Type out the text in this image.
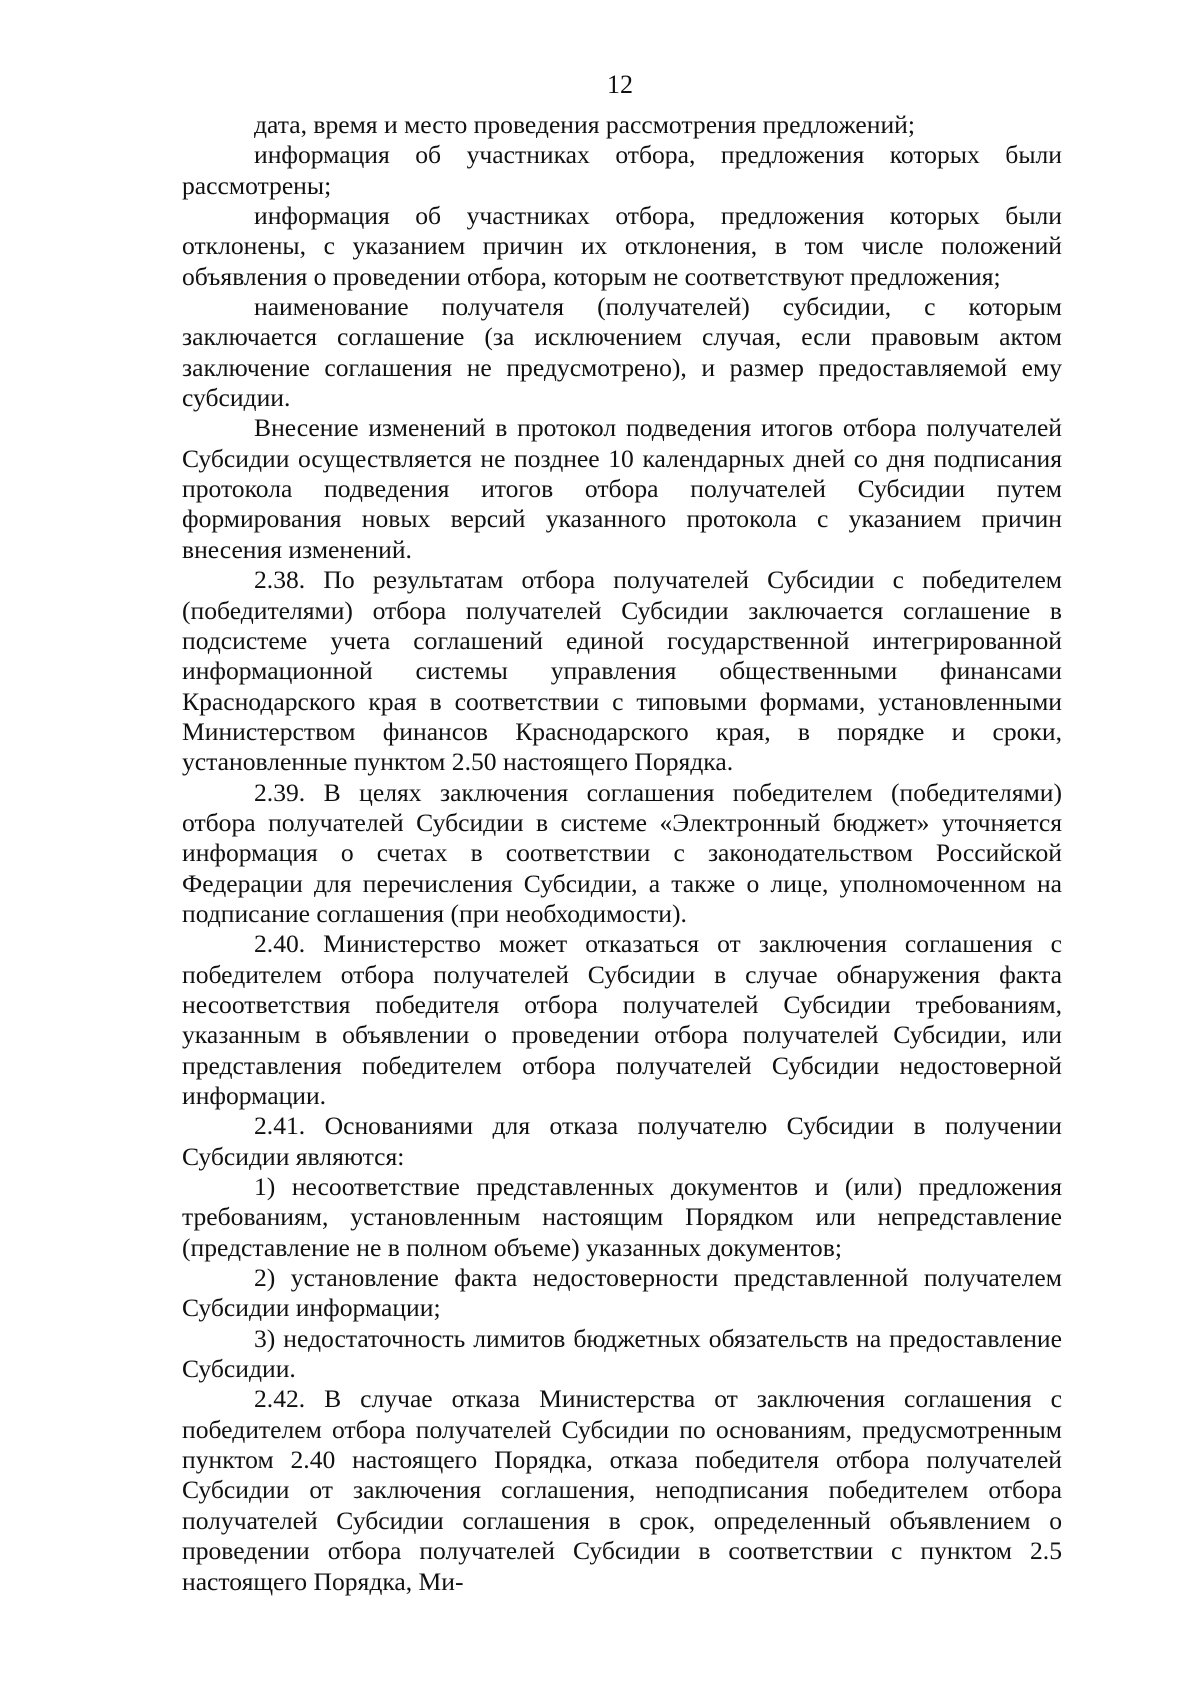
12

дата, время и место проведения рассмотрения предложений;

информация об участниках отбора, предложения которых были рассмотрены;

информация об участниках отбора, предложения которых были отклонены, с указанием причин их отклонения, в том числе положений объявления о проведении отбора, которым не соответствуют предложения;

наименование получателя (получателей) субсидии, с которым заключается соглашение (за исключением случая, если правовым актом заключение соглашения не предусмотрено), и размер предоставляемой ему субсидии.

Внесение изменений в протокол подведения итогов отбора получателей Субсидии осуществляется не позднее 10 календарных дней со дня подписания протокола подведения итогов отбора получателей Субсидии путем формирования новых версий указанного протокола с указанием причин внесения изменений.

2.38. По результатам отбора получателей Субсидии с победителем (победителями) отбора получателей Субсидии заключается соглашение в подсистеме учета соглашений единой государственной интегрированной информационной системы управления общественными финансами Краснодарского края в соответствии с типовыми формами, установленными Министерством финансов Краснодарского края, в порядке и сроки, установленные пунктом 2.50 настоящего Порядка.

2.39. В целях заключения соглашения победителем (победителями) отбора получателей Субсидии в системе «Электронный бюджет» уточняется информация о счетах в соответствии с законодательством Российской Федерации для перечисления Субсидии, а также о лице, уполномоченном на подписание соглашения (при необходимости).

2.40. Министерство может отказаться от заключения соглашения с победителем отбора получателей Субсидии в случае обнаружения факта несоответствия победителя отбора получателей Субсидии требованиям, указанным в объявлении о проведении отбора получателей Субсидии, или представления победителем отбора получателей Субсидии недостоверной информации.

2.41. Основаниями для отказа получателю Субсидии в получении Субсидии являются:

1) несоответствие представленных документов и (или) предложения требованиям, установленным настоящим Порядком или непредставление (представление не в полном объеме) указанных документов;

2) установление факта недостоверности представленной получателем Субсидии информации;

3) недостаточность лимитов бюджетных обязательств на предоставление Субсидии.

2.42. В случае отказа Министерства от заключения соглашения с победителем отбора получателей Субсидии по основаниям, предусмотренным пунктом 2.40 настоящего Порядка, отказа победителя отбора получателей Субсидии от заключения соглашения, неподписания победителем отбора получателей Субсидии соглашения в срок, определенный объявлением о проведении отбора получателей Субсидии в соответствии с пунктом 2.5 настоящего Порядка, Ми-
